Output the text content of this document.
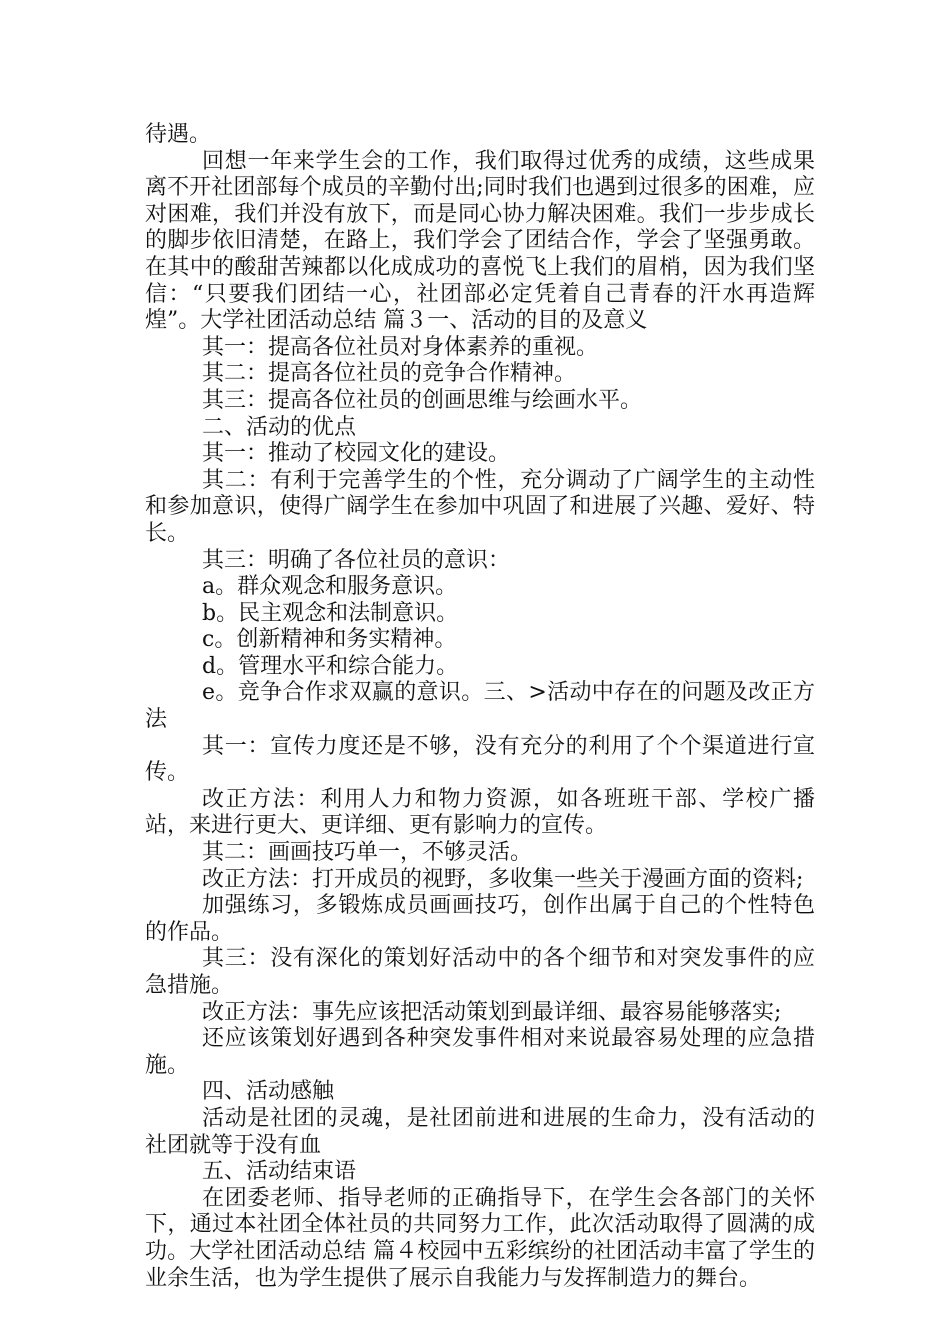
待遇。

回想一年来学生会的工作，我们取得过优秀的成绩，这些成果离不开社团部每个成员的辛勤付出;同时我们也遇到过很多的困难，应对困难，我们并没有放下，而是同心协力解决困难。我们一步步成长的脚步依旧清楚，在路上，我们学会了团结合作，学会了坚强勇敢。在其中的酸甜苦辣都以化成成功的喜悦飞上我们的眉梢，因为我们坚信：“只要我们团结一心，社团部必定凭着自己青春的汗水再造辉煌”。大学社团活动总结 篇３一、活动的目的及意义

其一：提高各位社员对身体素养的重视。

其二：提高各位社员的竞争合作精神。

其三：提高各位社员的创画思维与绘画水平。

二、活动的优点

其一：推动了校园文化的建设。

其二：有利于完善学生的个性，充分调动了广阔学生的主动性和参加意识，使得广阔学生在参加中巩固了和进展了兴趣、爱好、特长。

其三：明确了各位社员的意识：

a。群众观念和服务意识。

b。民主观念和法制意识。

c。创新精神和务实精神。

d。管理水平和综合能力。

e。竞争合作求双赢的意识。三、>活动中存在的问题及改正方法

其一：宣传力度还是不够，没有充分的利用了个个渠道进行宣传。

改正方法：利用人力和物力资源，如各班班干部、学校广播站，来进行更大、更详细、更有影响力的宣传。

其二：画画技巧单一，不够灵活。

改正方法：打开成员的视野，多收集一些关于漫画方面的资料;

加强练习，多锻炼成员画画技巧，创作出属于自己的个性特色的作品。

其三：没有深化的策划好活动中的各个细节和对突发事件的应急措施。

改正方法：事先应该把活动策划到最详细、最容易能够落实;

还应该策划好遇到各种突发事件相对来说最容易处理的应急措施。

四、活动感触

活动是社团的灵魂，是社团前进和进展的生命力，没有活动的社团就等于没有血

五、活动结束语

在团委老师、指导老师的正确指导下，在学生会各部门的关怀下，通过本社团全体社员的共同努力工作，此次活动取得了圆满的成功。大学社团活动总结 篇４校园中五彩缤纷的社团活动丰富了学生的业余生活，也为学生提供了展示自我能力与发挥制造力的舞台。
